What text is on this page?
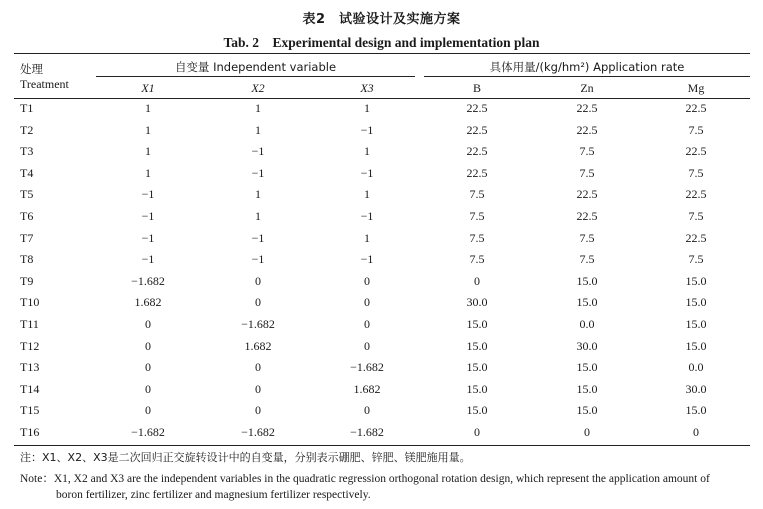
表2　试验设计及实施方案
Tab. 2　Experimental design and implementation plan
处理
Treatment
自变量 Independent variable	具体用量/(kg/hm²) Application rate
X1	X2	X3	B	Zn	Mg
T1	1	1	1	22.5	22.5	22.5
T2	1	1	−1	22.5	22.5	7.5
T3	1	−1	1	22.5	7.5	22.5
T4	1	−1	−1	22.5	7.5	7.5
T5	−1	1	1	7.5	22.5	22.5
T6	−1	1	−1	7.5	22.5	7.5
T7	−1	−1	1	7.5	7.5	22.5
T8	−1	−1	−1	7.5	7.5	7.5
T9	−1.682	0	0	0	15.0	15.0
T10	1.682	0	0	30.0	15.0	15.0
T11	0	−1.682	0	15.0	0.0	15.0
T12	0	1.682	0	15.0	30.0	15.0
T13	0	0	−1.682	15.0	15.0	0.0
T14	0	0	1.682	15.0	15.0	30.0
T15	0	0	0	15.0	15.0	15.0
T16	−1.682	−1.682	−1.682	0	0	0
注：X1、X2、X3是二次回归正交旋转设计中的自变量，分别表示硼肥、锌肥、镁肥施用量。
Note：X1, X2 and X3 are the independent variables in the quadratic regression orthogonal rotation design, which represent the application amount of
boron fertilizer, zinc fertilizer and magnesium fertilizer respectively.
